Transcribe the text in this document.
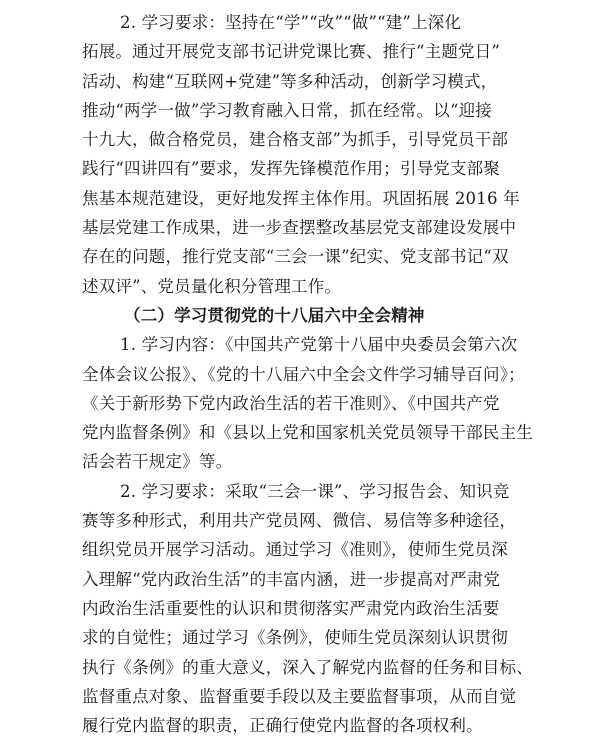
2. 学习要求：坚持在“学”“改”“做”“建”上深化
拓展。通过开展党支部书记讲党课比赛、推行“主题党日”
活动、构建“互联网+党建”等多种活动，创新学习模式，
推动“两学一做”学习教育融入日常，抓在经常。以“迎接
十九大，做合格党员，建合格支部”为抓手，引导党员干部
践行“四讲四有”要求，发挥先锋模范作用；引导党支部聚
焦基本规范建设，更好地发挥主体作用。巩固拓展 2016 年
基层党建工作成果，进一步查摆整改基层党支部建设发展中
存在的问题，推行党支部“三会一课”纪实、党支部书记“双
述双评”、党员量化积分管理工作。
（二）学习贯彻党的十八届六中全会精神
1. 学习内容：《中国共产党第十八届中央委员会第六次
全体会议公报》、《党的十八届六中全会文件学习辅导百问》；
《关于新形势下党内政治生活的若干准则》、《中国共产党
党内监督条例》和《县以上党和国家机关党员领导干部民主生
活会若干规定》等。
2. 学习要求：采取“三会一课”、学习报告会、知识竞
赛等多种形式，利用共产党员网、微信、易信等多种途径，
组织党员开展学习活动。通过学习《准则》，使师生党员深
入理解“党内政治生活”的丰富内涵，进一步提高对严肃党
内政治生活重要性的认识和贯彻落实严肃党内政治生活要
求的自觉性；通过学习《条例》，使师生党员深刻认识贯彻
执行《条例》的重大意义，深入了解党内监督的任务和目标、
监督重点对象、监督重要手段以及主要监督事项，从而自觉
履行党内监督的职责，正确行使党内监督的各项权利。
